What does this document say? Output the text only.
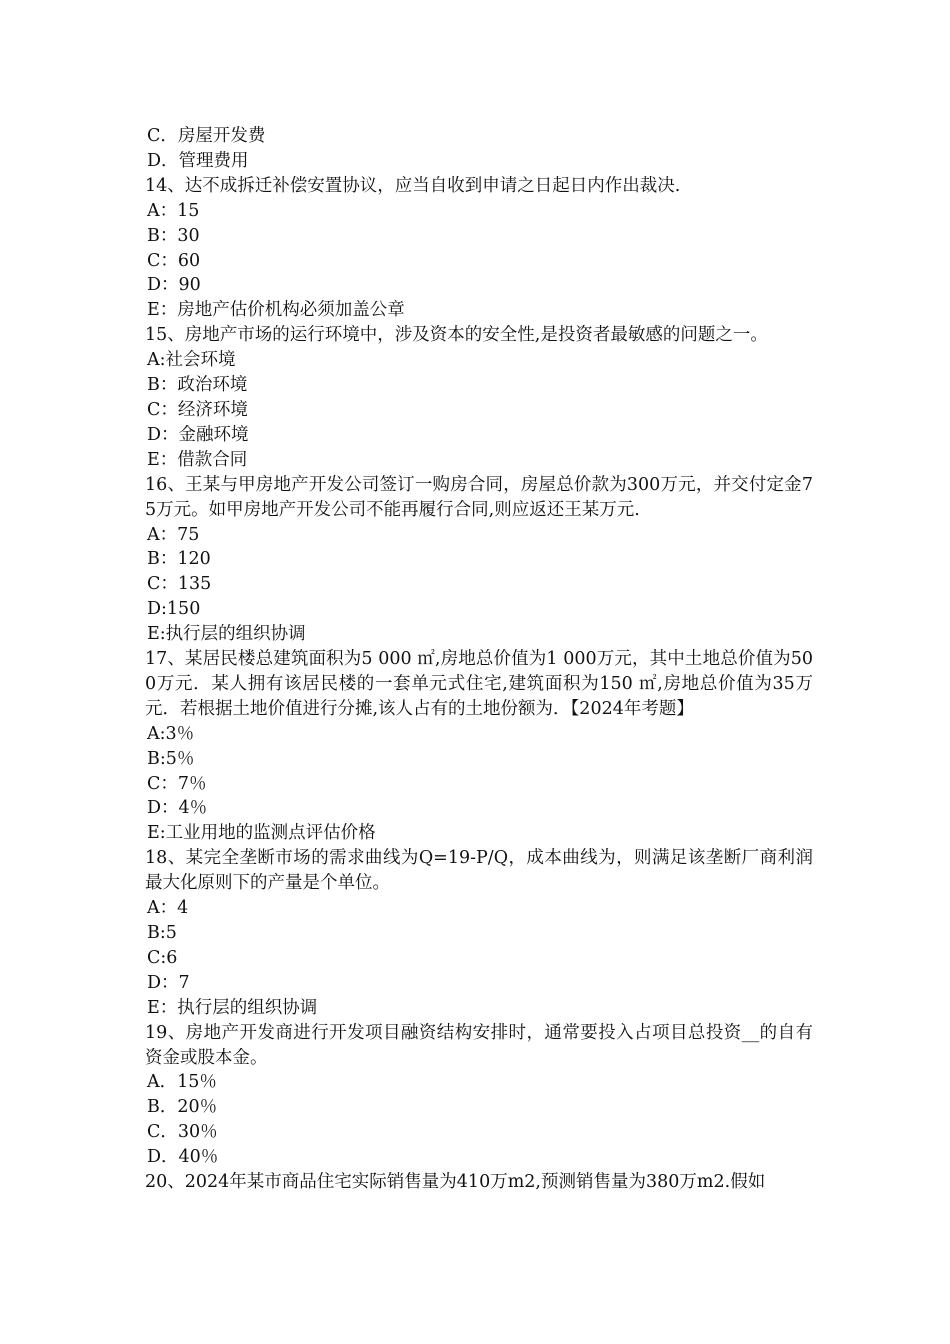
C．房屋开发费
D．管理费用
14、达不成拆迁补偿安置协议，应当自收到申请之日起日内作出裁决.
A：15
B：30
C：60
D：90
E：房地产估价机构必须加盖公章
15、房地产市场的运行环境中，涉及资本的安全性,是投资者最敏感的问题之一。
A:社会环境
B：政治环境
C：经济环境
D：金融环境
E：借款合同
16、王某与甲房地产开发公司签订一购房合同，房屋总价款为300万元，并交付定金75万元。如甲房地产开发公司不能再履行合同,则应返还王某万元.
A：75
B：120
C：135
D:150
E:执行层的组织协调
17、某居民楼总建筑面积为5 000 ㎡,房地总价值为1 000万元，其中土地总价值为500万元．某人拥有该居民楼的一套单元式住宅,建筑面积为150 ㎡,房地总价值为35万元．若根据土地价值进行分摊,该人占有的土地份额为．【2024年考题】
A:3％
B:5％
C：7％
D：4％
E:工业用地的监测点评估价格
18、某完全垄断市场的需求曲线为Q=19-P/Q，成本曲线为，则满足该垄断厂商利润最大化原则下的产量是个单位。
A：4
B:5
C:6
D：7
E：执行层的组织协调
19、房地产开发商进行开发项目融资结构安排时，通常要投入占项目总投资__的自有资金或股本金。
A．15％
B．20％
C．30％
D．40％
20、2024年某市商品住宅实际销售量为410万m2,预测销售量为380万m2.假如
